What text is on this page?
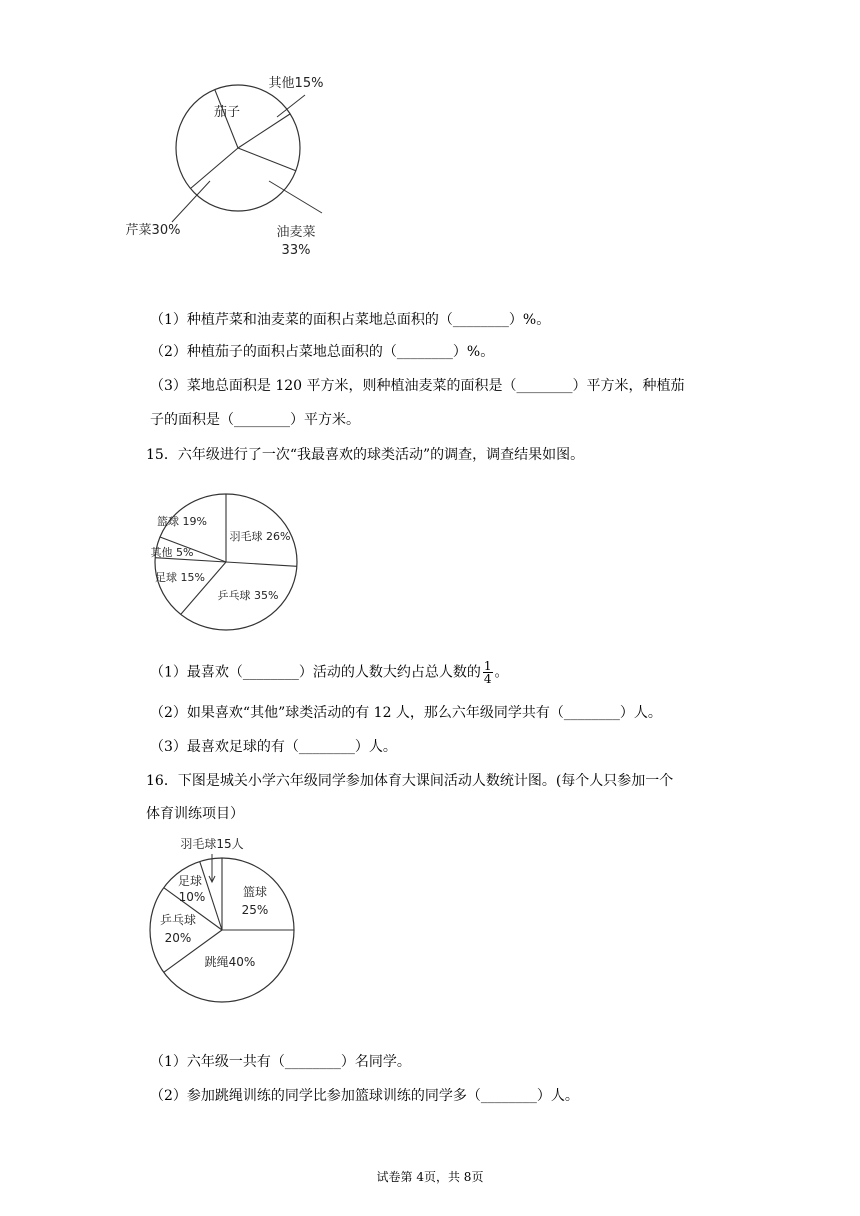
茄子
其他15%
油麦菜
33%
芹菜30%
（1）种植芹菜和油麦菜的面积占菜地总面积的（________）%。
（2）种植茄子的面积占菜地总面积的（________）%。
（3）菜地总面积是 120 平方米，则种植油麦菜的面积是（________）平方米，种植茄
子的面积是（________）平方米。
15．六年级进行了一次“我最喜欢的球类活动”的调查，调查结果如图。
羽毛球 26%
乒乓球 35%
足球 15%
其他 5%
篮球 19%
（1）最喜欢（________）活动的人数大约占总人数的 $\frac{1}{4}$ 。
（2）如果喜欢“其他”球类活动的有 12 人，那么六年级同学共有（________）人。
（3）最喜欢足球的有（________）人。
16．下图是城关小学六年级同学参加体育大课间活动人数统计图。(每个人只参加一个
体育训练项目）
篮球
25%
跳绳40%
乒乓球
20%
足球
10%
羽毛球15人
（1）六年级一共有（________）名同学。
（2）参加跳绳训练的同学比参加篮球训练的同学多（________）人。
试卷第 4页，共 8页
